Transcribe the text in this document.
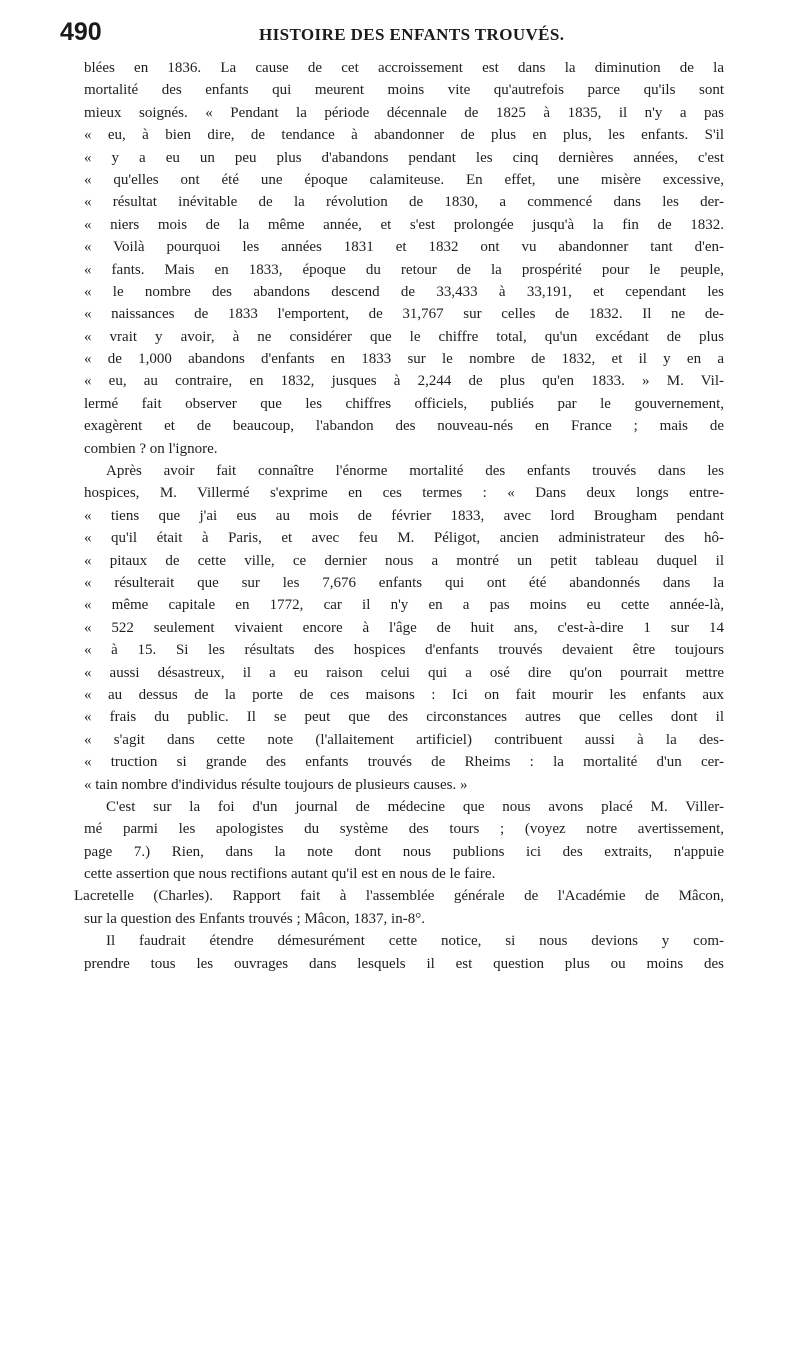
490	HISTOIRE DES ENFANTS TROUVÉS.
blées en 1836. La cause de cet accroissement est dans la diminution de la
mortalité des enfants qui meurent moins vite qu'autrefois parce qu'ils sont
mieux soignés. « Pendant la période décennale de 1825 à 1835, il n'y a pas
« eu, à bien dire, de tendance à abandonner de plus en plus, les enfants. S'il
« y a eu un peu plus d'abandons pendant les cinq dernières années, c'est
« qu'elles ont été une époque calamiteuse. En effet, une misère excessive,
« résultat inévitable de la révolution de 1830, a commencé dans les der-
« niers mois de la même année, et s'est prolongée jusqu'à la fin de 1832.
« Voilà pourquoi les années 1831 et 1832 ont vu abandonner tant d'en-
« fants. Mais en 1833, époque du retour de la prospérité pour le peuple,
« le nombre des abandons descend de 33,433 à 33,191, et cependant les
« naissances de 1833 l'emportent, de 31,767 sur celles de 1832. Il ne de-
« vrait y avoir, à ne considérer que le chiffre total, qu'un excédant de plus
« de 1,000 abandons d'enfants en 1833 sur le nombre de 1832, et il y en a
« eu, au contraire, en 1832, jusques à 2,244 de plus qu'en 1833. » M. Vil-
lermé fait observer que les chiffres officiels, publiés par le gouvernement,
exagèrent et de beaucoup, l'abandon des nouveau-nés en France ; mais de
combien ? on l'ignore.
Après avoir fait connaître l'énorme mortalité des enfants trouvés dans les
hospices, M. Villermé s'exprime en ces termes : « Dans deux longs entre-
« tiens que j'ai eus au mois de février 1833, avec lord Brougham pendant
« qu'il était à Paris, et avec feu M. Péligot, ancien administrateur des hô-
« pitaux de cette ville, ce dernier nous a montré un petit tableau duquel il
« résulterait que sur les 7,676 enfants qui ont été abandonnés dans la
« même capitale en 1772, car il n'y en a pas moins eu cette année-là,
« 522 seulement vivaient encore à l'âge de huit ans, c'est-à-dire 1 sur 14
« à 15. Si les résultats des hospices d'enfants trouvés devaient être toujours
« aussi désastreux, il a eu raison celui qui a osé dire qu'on pourrait mettre
« au dessus de la porte de ces maisons : Ici on fait mourir les enfants aux
« frais du public. Il se peut que des circonstances autres que celles dont il
« s'agit dans cette note (l'allaitement artificiel) contribuent aussi à la des-
« truction si grande des enfants trouvés de Rheims : la mortalité d'un cer-
« tain nombre d'individus résulte toujours de plusieurs causes. »
C'est sur la foi d'un journal de médecine que nous avons placé M. Viller-
mé parmi les apologistes du système des tours ; (voyez notre avertissement,
page 7.) Rien, dans la note dont nous publions ici des extraits, n'appuie
cette assertion que nous rectifions autant qu'il est en nous de le faire.
Lacretelle (Charles). Rapport fait à l'assemblée générale de l'Académie de Mâcon,
sur la question des Enfants trouvés ; Mâcon, 1837, in-8°.
Il faudrait étendre démesurément cette notice, si nous devions y com-
prendre tous les ouvrages dans lesquels il est question plus ou moins des
